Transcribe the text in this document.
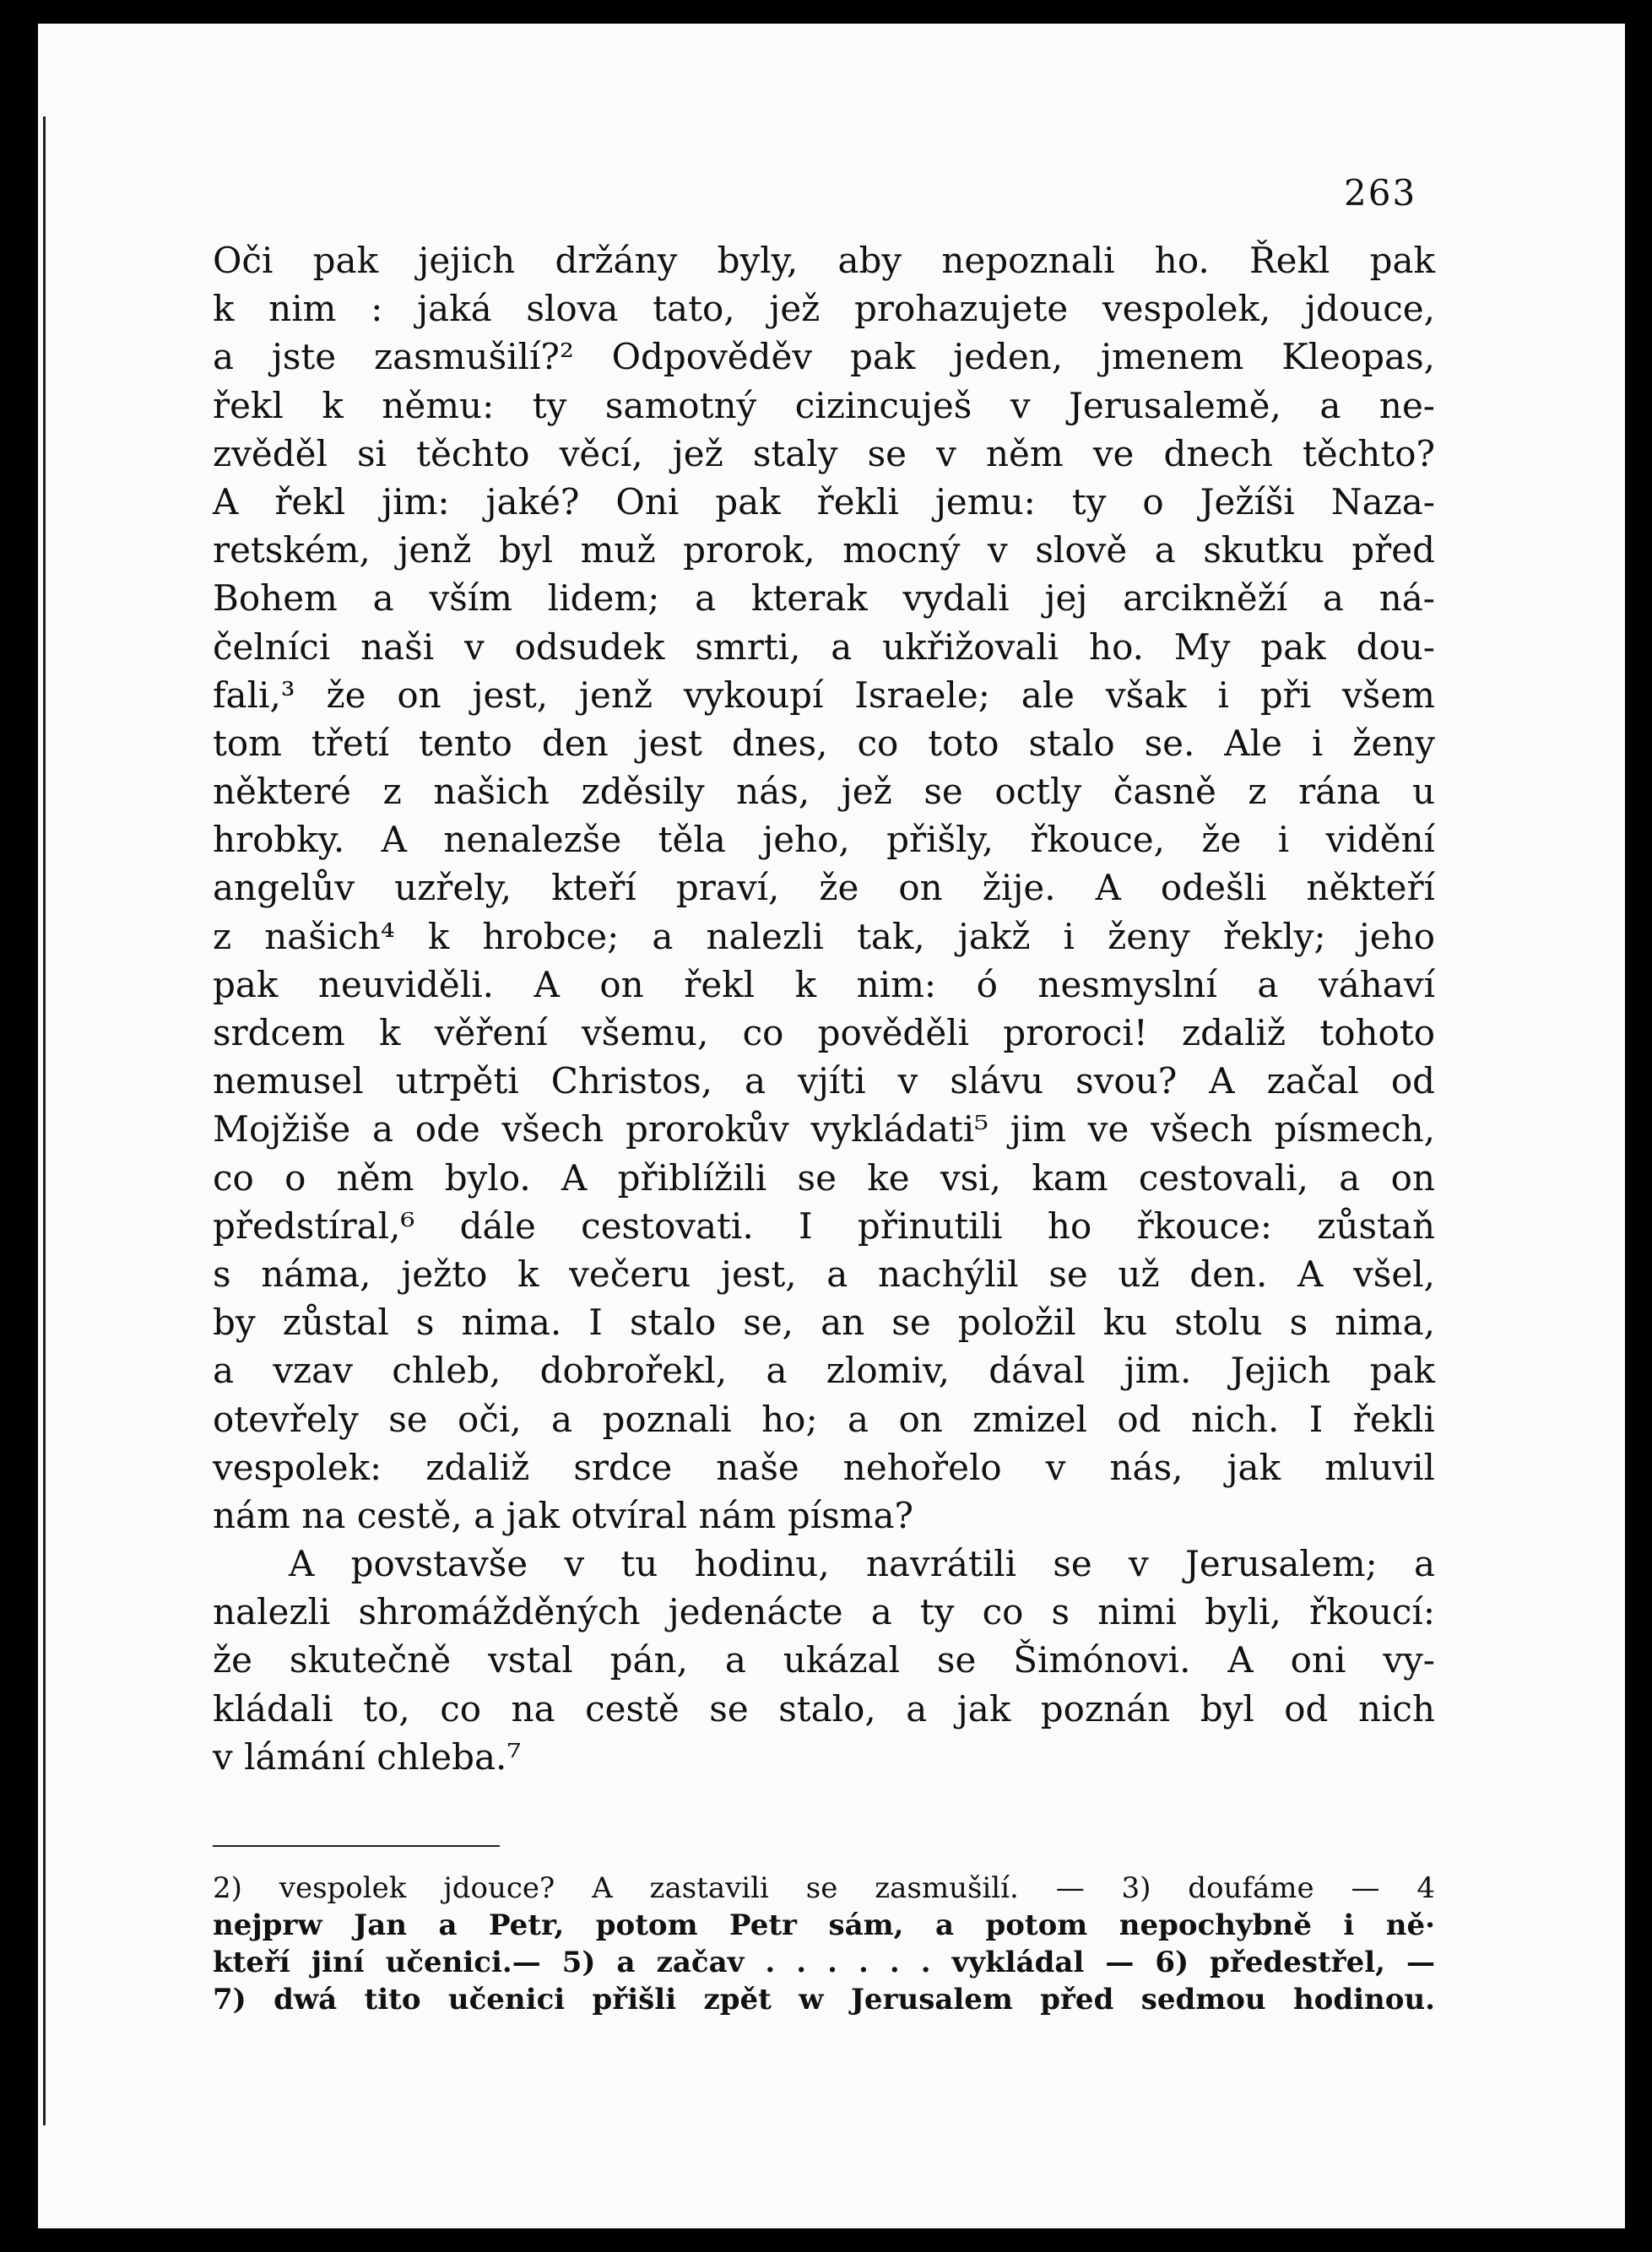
263
Oči pak jejich držány byly, aby nepoznali ho. Řekl pak
k nim : jaká slova tato, jež prohazujete vespolek, jdouce,
a jste zasmušilí?² Odpověděv pak jeden, jmenem Kleopas,
řekl k němu: ty samotný cizincuješ v Jerusalemě, a ne-
zvěděl si těchto věcí, jež staly se v něm ve dnech těchto?
A řekl jim: jaké? Oni pak řekli jemu: ty o Ježíši Naza-
retském, jenž byl muž prorok, mocný v slově a skutku před
Bohem a vším lidem; a kterak vydali jej arcikněží a ná-
čelníci naši v odsudek smrti, a ukřižovali ho. My pak dou-
fali,³ že on jest, jenž vykoupí Israele; ale však i při všem
tom třetí tento den jest dnes, co toto stalo se. Ale i ženy
některé z našich zděsily nás, jež se octly časně z rána u
hrobky. A nenalezše těla jeho, přišly, řkouce, že i vidění
angelův uzřely, kteří praví, že on žije. A odešli někteří
z našich⁴ k hrobce; a nalezli tak, jakž i ženy řekly; jeho
pak neuviděli. A on řekl k nim: ó nesmyslní a váhaví
srdcem k věření všemu, co pověděli proroci! zdaliž tohoto
nemusel utrpěti Christos, a vjíti v slávu svou? A začal od
Mojžiše a ode všech prorokův vykládati⁵ jim ve všech písmech,
co o něm bylo. A přiblížili se ke vsi, kam cestovali, a on
předstíral,⁶ dále cestovati. I přinutili ho řkouce: zůstaň
s náma, ježto k večeru jest, a nachýlil se už den. A všel,
by zůstal s nima. I stalo se, an se položil ku stolu s nima,
a vzav chleb, dobrořekl, a zlomiv, dával jim. Jejich pak
otevřely se oči, a poznali ho; a on zmizel od nich. I řekli
vespolek: zdaliž srdce naše nehořelo v nás, jak mluvil
nám na cestě, a jak otvíral nám písma?
A povstavše v tu hodinu, navrátili se v Jerusalem; a
nalezli shromážděných jedenácte a ty co s nimi byli, řkoucí:
že skutečně vstal pán, a ukázal se Šimónovi. A oni vy-
kládali to, co na cestě se stalo, a jak poznán byl od nich
v lámání chleba.⁷
2) vespolek jdouce? A zastavili se zasmušilí. — 3) doufáme — 4
nejprw Jan a Petr, potom Petr sám, a potom nepochybně i ně·
kteří jiní učenici.— 5) a začav . . . . . . vykládal — 6) předestřel, —
7) dwá tito učenici přišli zpět w Jerusalem před sedmou hodinou.
